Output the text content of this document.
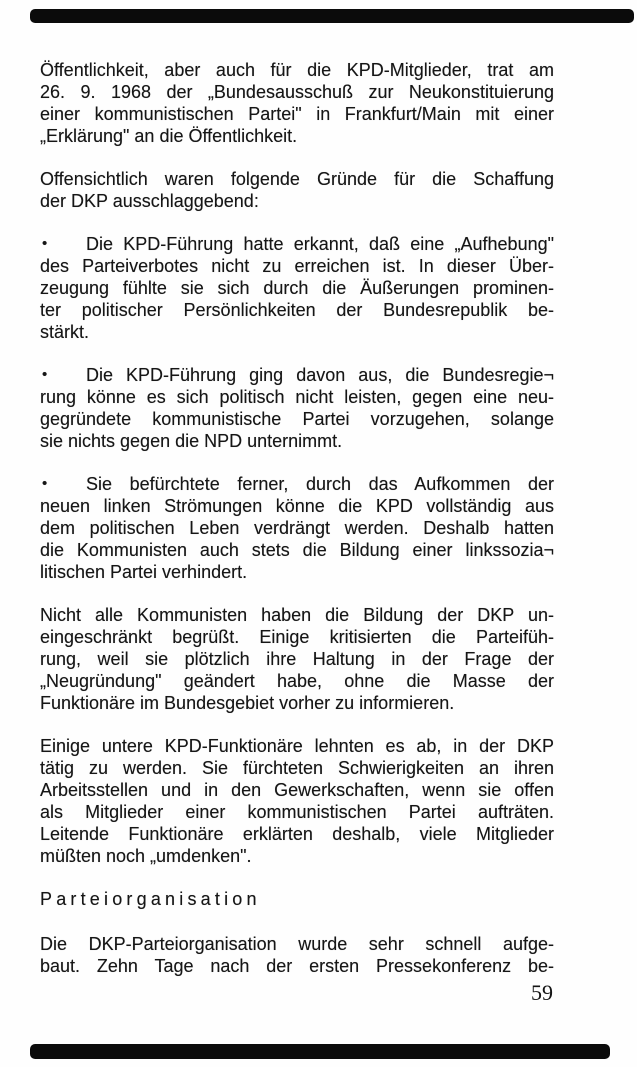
Öffentlichkeit, aber auch für die KPD-Mitglieder, trat am
26. 9. 1968 der „Bundesausschuß zur Neukonstituierung
einer kommunistischen Partei" in Frankfurt/Main mit einer
„Erklärung" an die Öffentlichkeit.

Offensichtlich waren folgende Gründe für die Schaffung
der DKP ausschlaggebend:

•	Die KPD-Führung hatte erkannt, daß eine „Aufhebung"
des Parteiverbotes nicht zu erreichen ist. In dieser Über-
zeugung fühlte sie sich durch die Äußerungen prominen-
ter politischer Persönlichkeiten der Bundesrepublik be-
stärkt.

•	Die KPD-Führung ging davon aus, die Bundesregie¬
rung könne es sich politisch nicht leisten, gegen eine neu-
gegründete kommunistische Partei vorzugehen, solange
sie nichts gegen die NPD unternimmt.

•	Sie befürchtete ferner, durch das Aufkommen der
neuen linken Strömungen könne die KPD vollständig aus
dem politischen Leben verdrängt werden. Deshalb hatten
die Kommunisten auch stets die Bildung einer linkssozia¬
litischen Partei verhindert.

Nicht alle Kommunisten haben die Bildung der DKP un-
eingeschränkt begrüßt. Einige kritisierten die Parteifüh-
rung, weil sie plötzlich ihre Haltung in der Frage der
„Neugründung" geändert habe, ohne die Masse der
Funktionäre im Bundesgebiet vorher zu informieren.

Einige untere KPD-Funktionäre lehnten es ab, in der DKP
tätig zu werden. Sie fürchteten Schwierigkeiten an ihren
Arbeitsstellen und in den Gewerkschaften, wenn sie offen
als Mitglieder einer kommunistischen Partei aufträten.
Leitende Funktionäre erklärten deshalb, viele Mitglieder
müßten noch „umdenken".

Parteiorganisation

Die DKP-Parteiorganisation wurde sehr schnell aufge-
baut. Zehn Tage nach der ersten Pressekonferenz be-

59
